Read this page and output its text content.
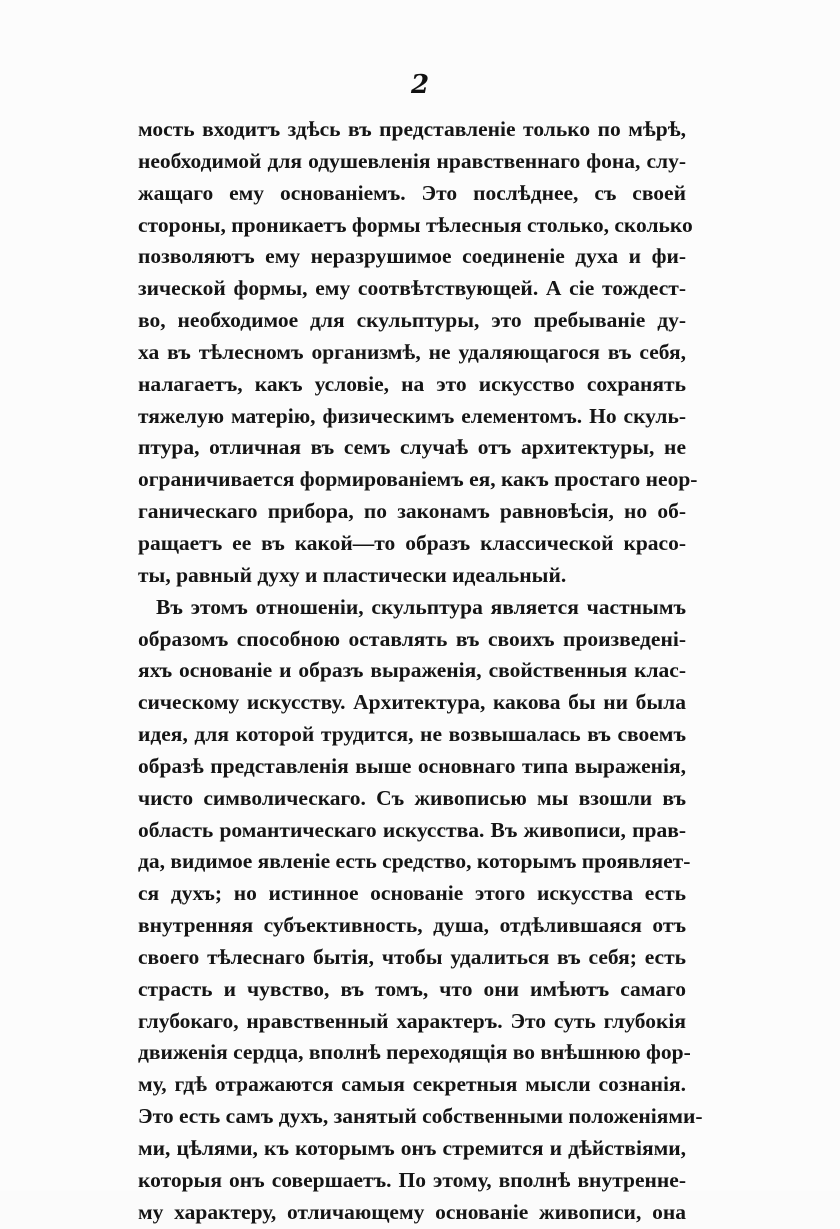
2
мость входитъ здѣсь въ представленіе только по мѣрѣ,
необходимой для одушевленія нравственнаго фона, слу-
жащаго ему основаніемъ. Это послѣднее, съ своей
стороны, проникаетъ формы тѣлесныя столько, сколько
позволяютъ ему неразрушимое соединеніе духа и фи-
зической формы, ему соотвѣтствующей. А сіе тождест-
во, необходимое для скульптуры, это пребываніе ду-
ха въ тѣлесномъ организмѣ, не удаляющагося въ себя,
налагаетъ, какъ условіе, на это искусство сохранять
тяжелую матерію, физическимъ елементомъ. Но скуль-
птура, отличная въ семъ случаѣ отъ архитектуры, не
ограничивается формированіемъ ея, какъ простаго неор-
ганическаго прибора, по законамъ равновѣсія, но об-
ращаетъ ее въ какой—то образъ классической красо-
ты, равный духу и пластически идеальный.
Въ этомъ отношеніи, скульптура является частнымъ
образомъ способною оставлять въ своихъ произведені-
яхъ основаніе и образъ выраженія, свойственныя клас-
сическому искусству. Архитектура, какова бы ни была
идея, для которой трудится, не возвышалась въ своемъ
образѣ представленія выше основнаго типа выраженія,
чисто символическаго. Съ живописью мы взошли въ
область романтическаго искусства. Въ живописи, прав-
да, видимое явленіе есть средство, которымъ проявляет-
ся духъ; но истинное основаніе этого искусства есть
внутренняя субъективность, душа, отдѣлившаяся отъ
своего тѣлеснаго бытія, чтобы удалиться въ себя; есть
страсть и чувство, въ томъ, что они имѣютъ самаго
глубокаго, нравственный характеръ. Это суть глубокія
движенія сердца, вполнѣ переходящія во внѣшнюю фор-
му, гдѣ отражаются самыя секретныя мысли сознанія.
Это есть самъ духъ, занятый собственными положеніями-
ми, цѣлями, къ которымъ онъ стремится и дѣйствіями,
которыя онъ совершаетъ. По этому, вполнѣ внутренне-
му характеру, отличающему основаніе живописи, она
